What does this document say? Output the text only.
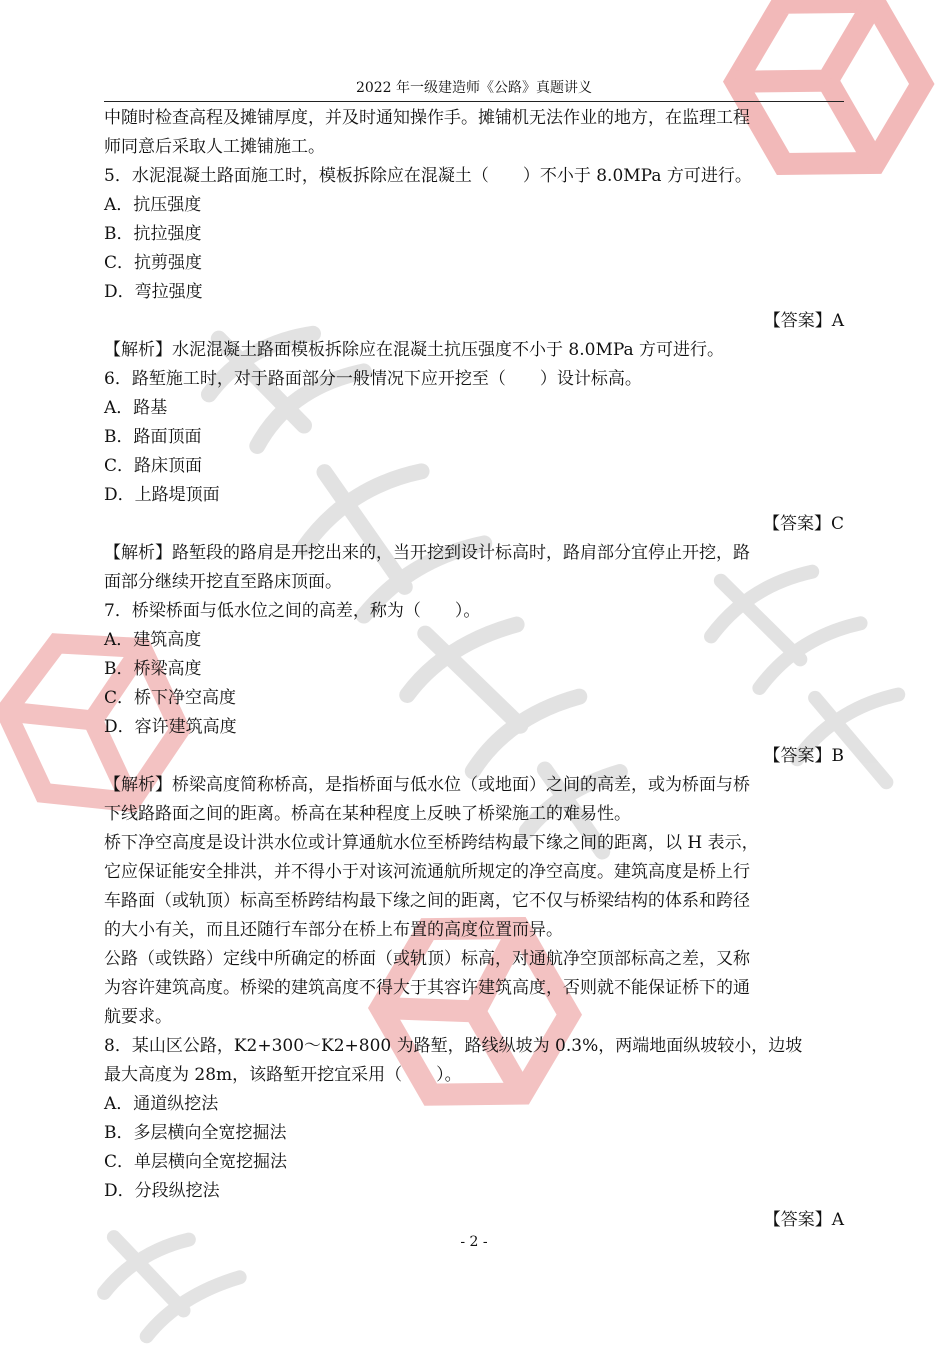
2022 年一级建造师《公路》真题讲义
中随时检查高程及摊铺厚度，并及时通知操作手。摊铺机无法作业的地方，在监理工程
师同意后采取人工摊铺施工。
5．水泥混凝土路面施工时，模板拆除应在混凝土（　　）不小于 8.0MPa 方可进行。
A．抗压强度
B．抗拉强度
C．抗剪强度
D．弯拉强度
【答案】A
【解析】水泥混凝土路面模板拆除应在混凝土抗压强度不小于 8.0MPa 方可进行。
6．路堑施工时，对于路面部分一般情况下应开挖至（　　）设计标高。
A．路基
B．路面顶面
C．路床顶面
D．上路堤顶面
【答案】C
【解析】路堑段的路肩是开挖出来的，当开挖到设计标高时，路肩部分宜停止开挖，路
面部分继续开挖直至路床顶面。
7．桥梁桥面与低水位之间的高差，称为（　　）。
A．建筑高度
B．桥梁高度
C．桥下净空高度
D．容许建筑高度
【答案】B
【解析】桥梁高度简称桥高，是指桥面与低水位（或地面）之间的高差，或为桥面与桥
下线路路面之间的距离。桥高在某种程度上反映了桥梁施工的难易性。
桥下净空高度是设计洪水位或计算通航水位至桥跨结构最下缘之间的距离，以 H 表示，
它应保证能安全排洪，并不得小于对该河流通航所规定的净空高度。建筑高度是桥上行
车路面（或轨顶）标高至桥跨结构最下缘之间的距离，它不仅与桥梁结构的体系和跨径
的大小有关，而且还随行车部分在桥上布置的高度位置而异。
公路（或铁路）定线中所确定的桥面（或轨顶）标高，对通航净空顶部标高之差，又称
为容许建筑高度。桥梁的建筑高度不得大于其容许建筑高度，否则就不能保证桥下的通
航要求。
8．某山区公路，K2+300～K2+800 为路堑，路线纵坡为 0.3%，两端地面纵坡较小，边坡
最大高度为 28m，该路堑开挖宜采用（　　）。
A．通道纵挖法
B．多层横向全宽挖掘法
C．单层横向全宽挖掘法
D．分段纵挖法
【答案】A
- 2 -
